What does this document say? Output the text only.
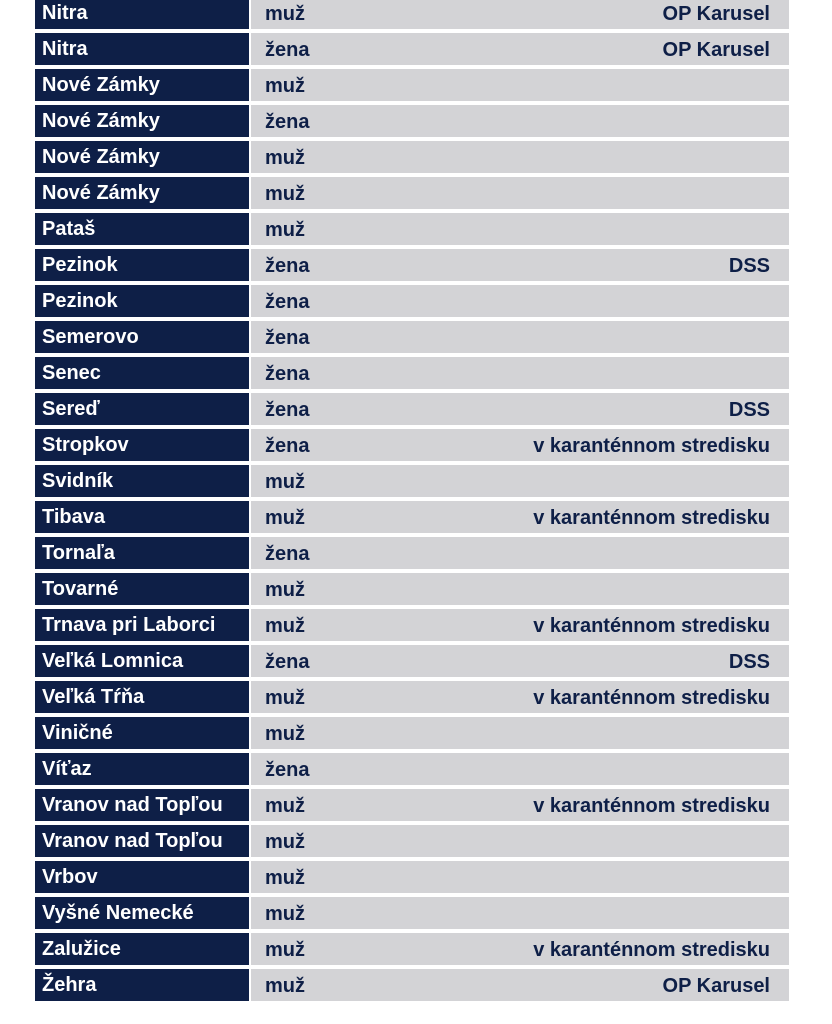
Nitra	muž	OP Karusel
Nitra	žena	OP Karusel
Nové Zámky	muž
Nové Zámky	žena
Nové Zámky	muž
Nové Zámky	muž
Pataš	muž
Pezinok	žena	DSS
Pezinok	žena
Semerovo	žena
Senec	žena
Sereď	žena	DSS
Stropkov	žena	v karanténnom stredisku
Svidník	muž
Tibava	muž	v karanténnom stredisku
Tornaľa	žena
Tovarné	muž
Trnava pri Laborci	muž	v karanténnom stredisku
Veľká Lomnica	žena	DSS
Veľká Tŕňa	muž	v karanténnom stredisku
Viničné	muž
Víťaz	žena
Vranov nad Topľou	muž	v karanténnom stredisku
Vranov nad Topľou	muž
Vrbov	muž
Vyšné Nemecké	muž
Zalužice	muž	v karanténnom stredisku
Žehra	muž	OP Karusel
